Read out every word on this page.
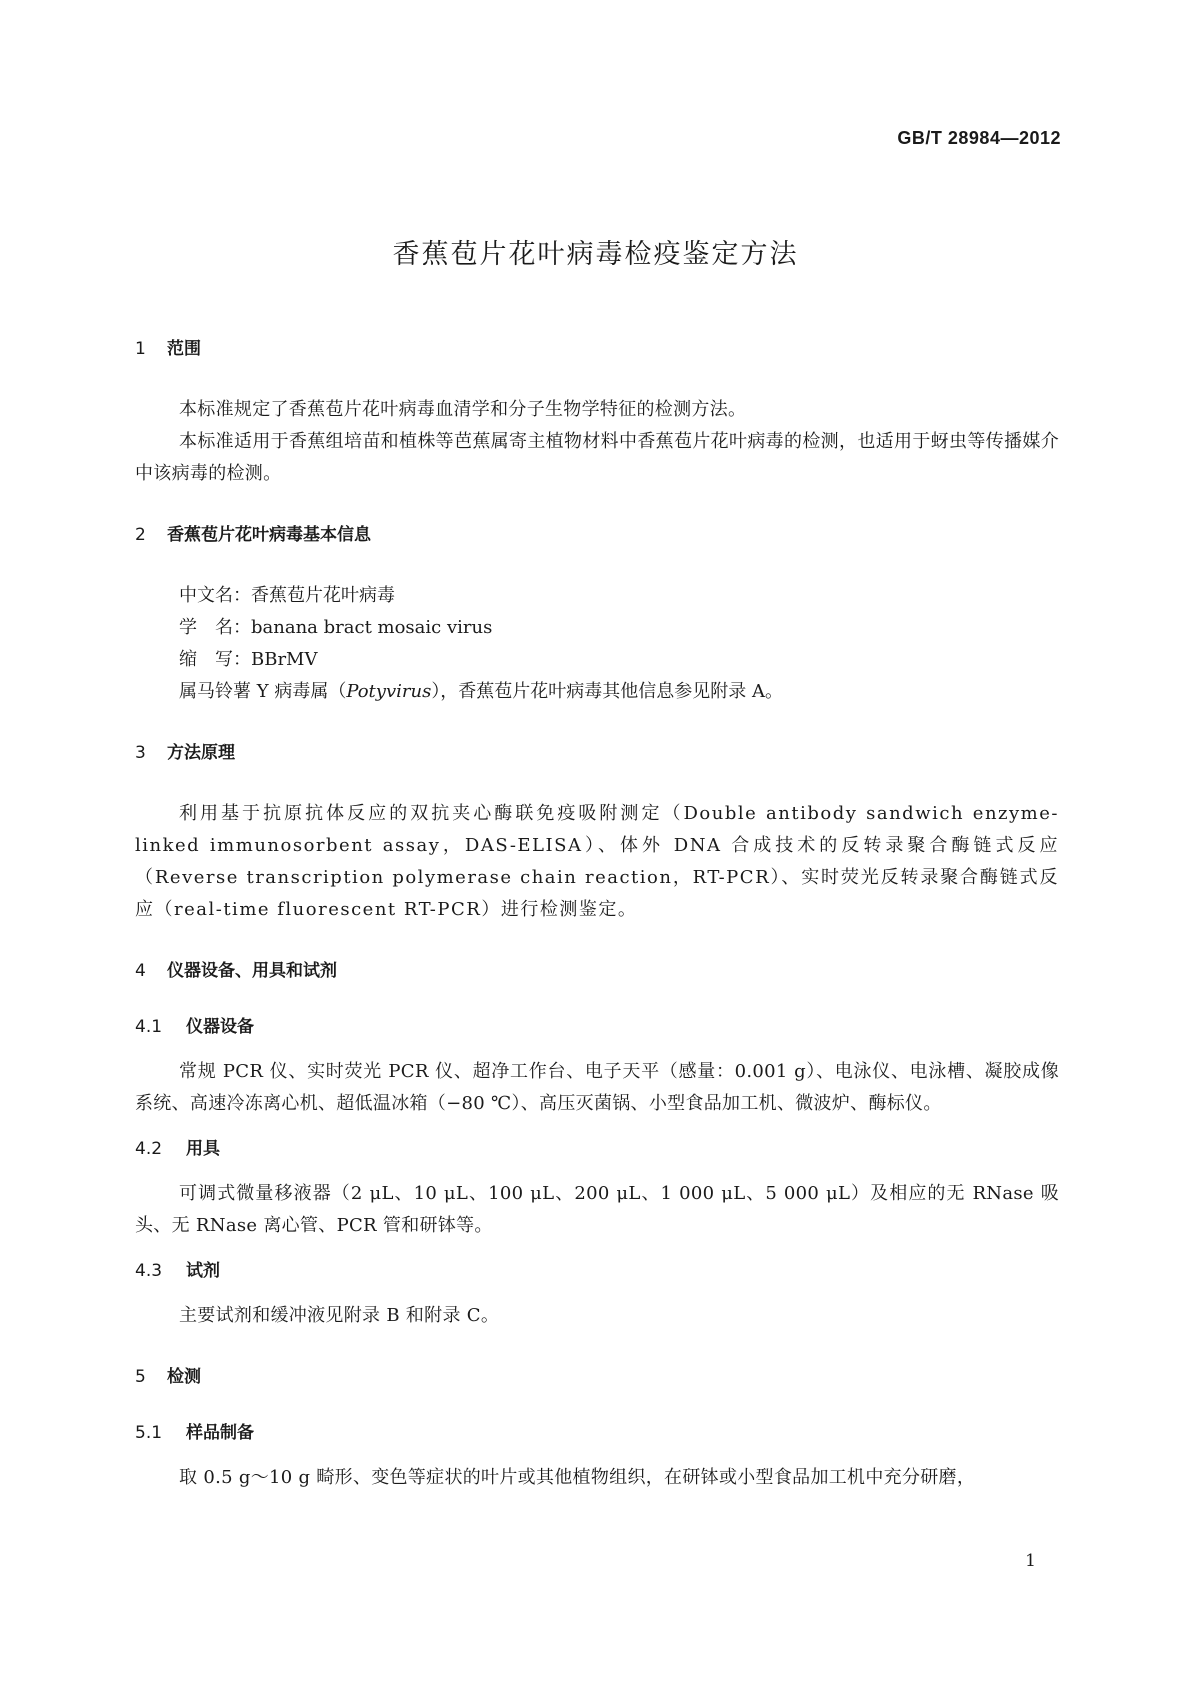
GB/T 28984—2012
香蕉苞片花叶病毒检疫鉴定方法
1 范围

本标准规定了香蕉苞片花叶病毒血清学和分子生物学特征的检测方法。

本标准适用于香蕉组培苗和植株等芭蕉属寄主植物材料中香蕉苞片花叶病毒的检测，也适用于蚜虫等传播媒介中该病毒的检测。

2 香蕉苞片花叶病毒基本信息

中文名：香蕉苞片花叶病毒

学　名：banana bract mosaic virus

缩　写：BBrMV

属马铃薯 Y 病毒属（Potyvirus），香蕉苞片花叶病毒其他信息参见附录 A。

3 方法原理

利用基于抗原抗体反应的双抗夹心酶联免疫吸附测定（Double antibody sandwich enzyme-linked immunosorbent assay，DAS-ELISA）、体外 DNA 合成技术的反转录聚合酶链式反应（Reverse transcription polymerase chain reaction，RT-PCR）、实时荧光反转录聚合酶链式反应（real-time fluorescent RT-PCR）进行检测鉴定。

4 仪器设备、用具和试剂
4.1 仪器设备

常规 PCR 仪、实时荧光 PCR 仪、超净工作台、电子天平（感量：0.001 g）、电泳仪、电泳槽、凝胶成像系统、高速冷冻离心机、超低温冰箱（−80 ℃）、高压灭菌锅、小型食品加工机、微波炉、酶标仪。

4.2 用具

可调式微量移液器（2 μL、10 μL、100 μL、200 μL、1 000 μL、5 000 μL）及相应的无 RNase 吸头、无 RNase 离心管、PCR 管和研钵等。

4.3 试剂

主要试剂和缓冲液见附录 B 和附录 C。

5 检测
5.1 样品制备

取 0.5 g～10 g 畸形、变色等症状的叶片或其他植物组织，在研钵或小型食品加工机中充分研磨，

1
